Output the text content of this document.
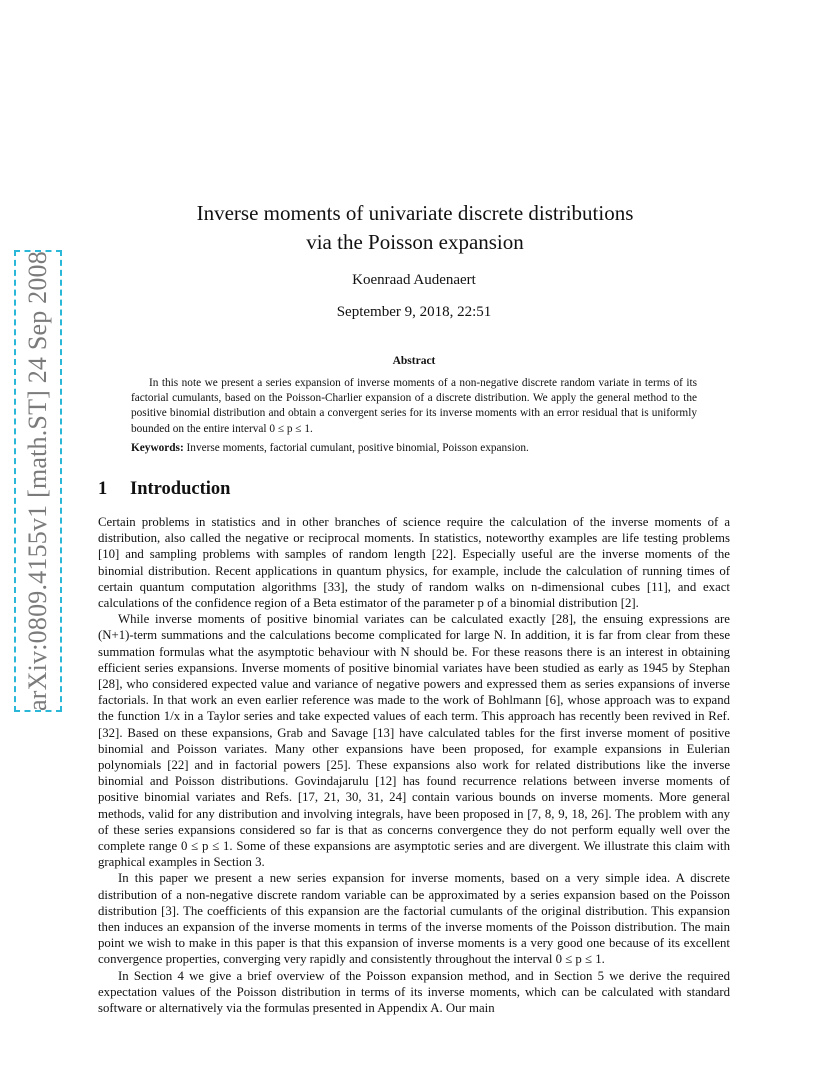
arXiv:0809.4155v1 [math.ST] 24 Sep 2008
Inverse moments of univariate discrete distributions
via the Poisson expansion
Koenraad Audenaert
September 9, 2018, 22:51
Abstract
In this note we present a series expansion of inverse moments of a non-negative discrete random variate in terms of its factorial cumulants, based on the Poisson-Charlier expansion of a discrete distribution. We apply the general method to the positive binomial distribution and obtain a convergent series for its inverse moments with an error residual that is uniformly bounded on the entire interval 0 ≤ p ≤ 1.
Keywords: Inverse moments, factorial cumulant, positive binomial, Poisson expansion.
1 Introduction

Certain problems in statistics and in other branches of science require the calculation of the inverse moments of a distribution, also called the negative or reciprocal moments. In statistics, noteworthy examples are life testing problems [10] and sampling problems with samples of random length [22]. Especially useful are the inverse moments of the binomial distribution. Recent applications in quantum physics, for example, include the calculation of running times of certain quantum computation algorithms [33], the study of random walks on n-dimensional cubes [11], and exact calculations of the confidence region of a Beta estimator of the parameter p of a binomial distribution [2].

While inverse moments of positive binomial variates can be calculated exactly [28], the ensuing expressions are (N+1)-term summations and the calculations become complicated for large N. In addition, it is far from clear from these summation formulas what the asymptotic behaviour with N should be. For these reasons there is an interest in obtaining efficient series expansions. Inverse moments of positive binomial variates have been studied as early as 1945 by Stephan [28], who considered expected value and variance of negative powers and expressed them as series expansions of inverse factorials. In that work an even earlier reference was made to the work of Bohlmann [6], whose approach was to expand the function 1/x in a Taylor series and take expected values of each term. This approach has recently been revived in Ref. [32]. Based on these expansions, Grab and Savage [13] have calculated tables for the first inverse moment of positive binomial and Poisson variates. Many other expansions have been proposed, for example expansions in Eulerian polynomials [22] and in factorial powers [25]. These expansions also work for related distributions like the inverse binomial and Poisson distributions. Govindajarulu [12] has found recurrence relations between inverse moments of positive binomial variates and Refs. [17, 21, 30, 31, 24] contain various bounds on inverse moments. More general methods, valid for any distribution and involving integrals, have been proposed in [7, 8, 9, 18, 26]. The problem with any of these series expansions considered so far is that as concerns convergence they do not perform equally well over the complete range 0 ≤ p ≤ 1. Some of these expansions are asymptotic series and are divergent. We illustrate this claim with graphical examples in Section 3.

In this paper we present a new series expansion for inverse moments, based on a very simple idea. A discrete distribution of a non-negative discrete random variable can be approximated by a series expansion based on the Poisson distribution [3]. The coefficients of this expansion are the factorial cumulants of the original distribution. This expansion then induces an expansion of the inverse moments in terms of the inverse moments of the Poisson distribution. The main point we wish to make in this paper is that this expansion of inverse moments is a very good one because of its excellent convergence properties, converging very rapidly and consistently throughout the interval 0 ≤ p ≤ 1.

In Section 4 we give a brief overview of the Poisson expansion method, and in Section 5 we derive the required expectation values of the Poisson distribution in terms of its inverse moments, which can be calculated with standard software or alternatively via the formulas presented in Appendix A. Our main
